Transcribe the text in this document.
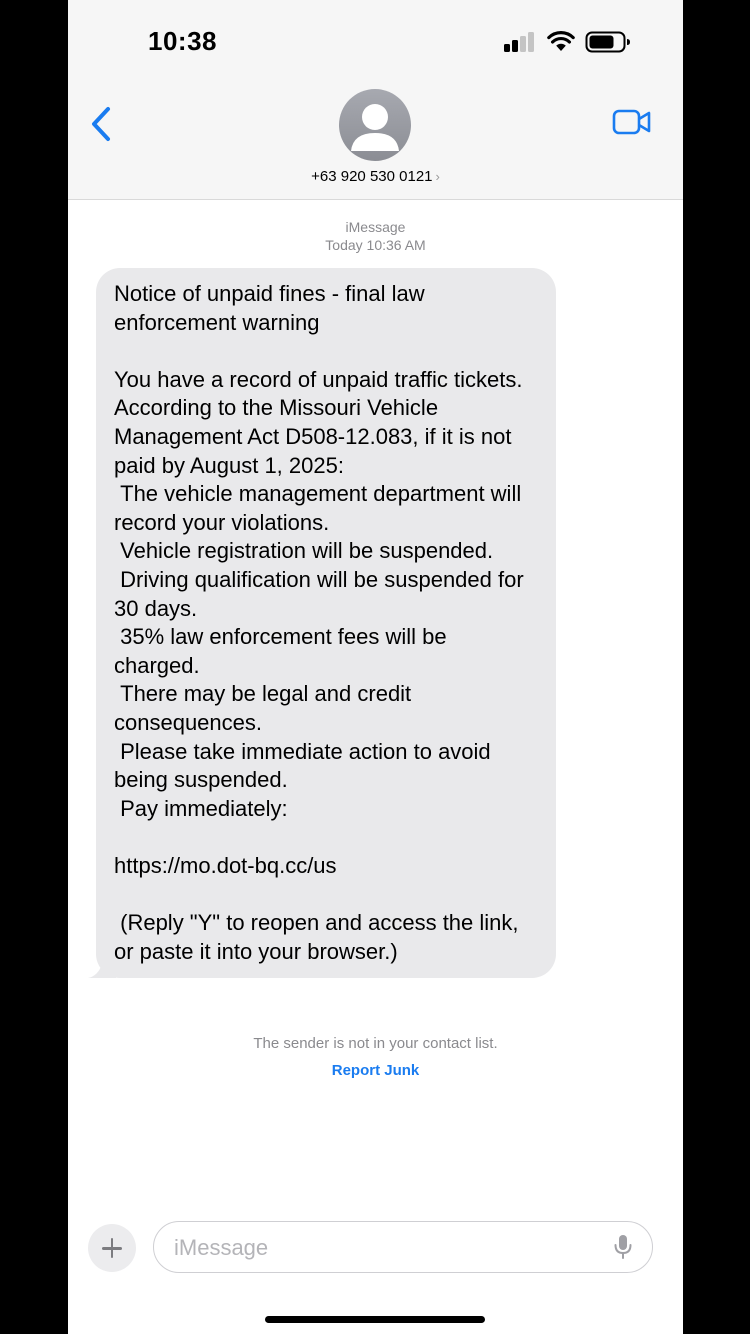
10:38
+63 920 530 0121 ›
iMessage
Today 10:36 AM
Notice of unpaid fines - final law enforcement warning

You have a record of unpaid traffic tickets. According to the Missouri Vehicle Management Act D508-12.083, if it is not paid by August 1, 2025:
The vehicle management department will record your violations.
Vehicle registration will be suspended.
Driving qualification will be suspended for 30 days.
35% law enforcement fees will be charged.
There may be legal and credit consequences.
Please take immediate action to avoid being suspended.
Pay immediately:

https://mo.dot-bq.cc/us

(Reply "Y" to reopen and access the link, or paste it into your browser.)
The sender is not in your contact list.
Report Junk
iMessage
